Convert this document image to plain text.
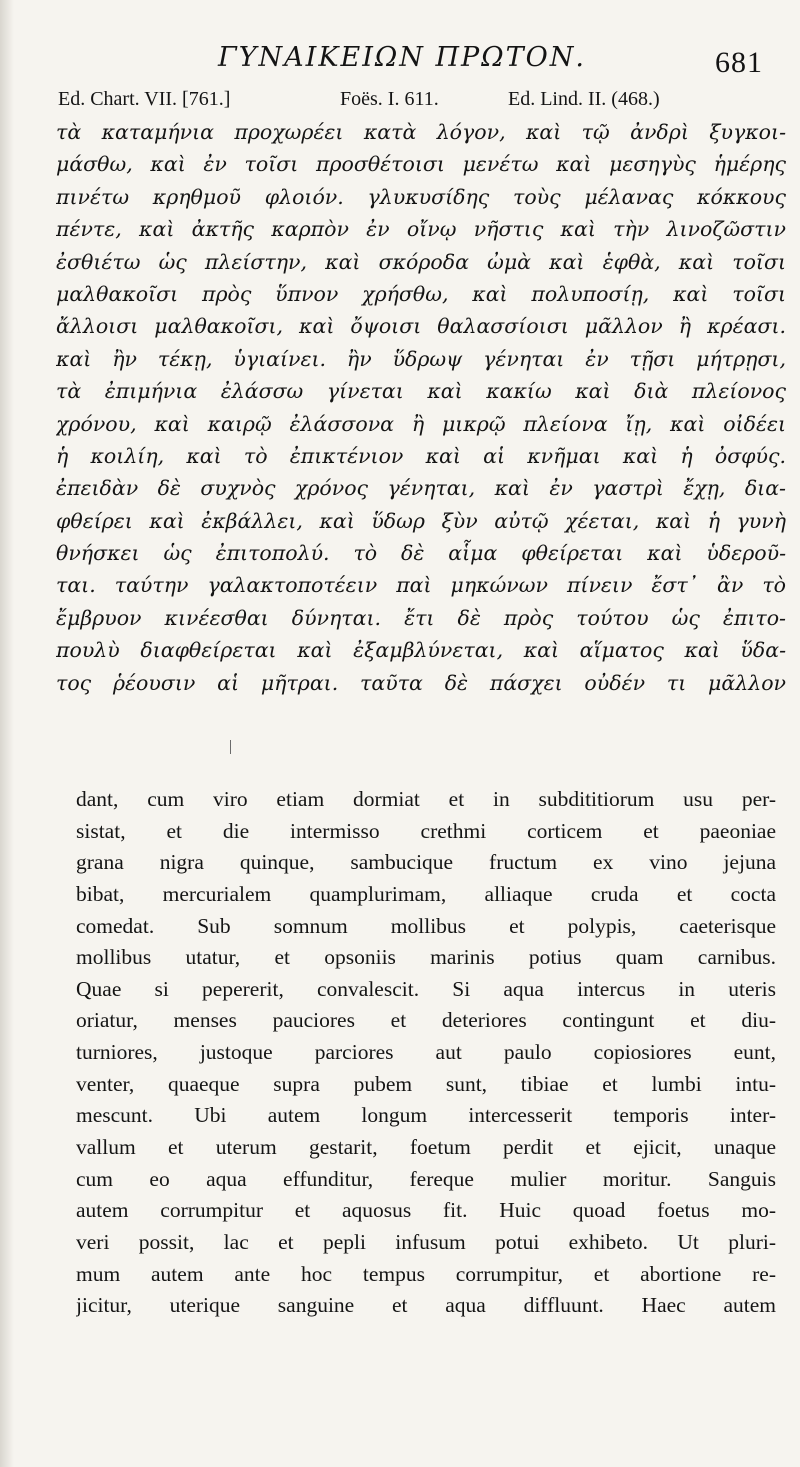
ΓΥΝΑΙΚΕΙΩΝ ΠΡΩΤΟΝ.	681
Ed. Chart. VII. [761.]	Foës. I. 611.	Ed. Lind. II. (468.)
τὰ καταμήνια προχωρέει κατὰ λόγον, καὶ τῷ ἀνδρὶ ξυγκοι-
μάσθω, καὶ ἐν τοῖσι προσθέτοισι μενέτω καὶ μεσηγὺς ἡμέρης
πινέτω κρηθμοῦ φλοιόν. γλυκυσίδης τοὺς μέλανας κόκκους
πέντε, καὶ ἀκτῆς καρπὸν ἐν οἴνῳ νῆστις καὶ τὴν λινοζῶστιν
ἐσθιέτω ὡς πλείστην, καὶ σκόροδα ὠμὰ καὶ ἑφθὰ, καὶ τοῖσι
μαλθακοῖσι πρὸς ὕπνον χρήσθω, καὶ πολυποσίῃ, καὶ τοῖσι
ἄλλοισι μαλθακοῖσι, καὶ ὄψοισι θαλασσίοισι μᾶλλον ἢ κρέασι.
καὶ ἢν τέκῃ, ὑγιαίνει. ἢν ὕδρωψ γένηται ἐν τῇσι μήτρῃσι,
τὰ ἐπιμήνια ἐλάσσω γίνεται καὶ κακίω καὶ διὰ πλείονος
χρόνου, καὶ καιρῷ ἐλάσσονα ἢ μικρῷ πλείονα ἴῃ, καὶ οἰδέει
ἡ κοιλίη, καὶ τὸ ἐπικτένιον καὶ αἱ κνῆμαι καὶ ἡ ὀσφύς.
ἐπειδὰν δὲ συχνὸς χρόνος γένηται, καὶ ἐν γαστρὶ ἔχῃ, δια-
φθείρει καὶ ἐκβάλλει, καὶ ὕδωρ ξὺν αὐτῷ χέεται, καὶ ἡ γυνὴ
θνήσκει ὡς ἐπιτοπολύ. τὸ δὲ αἷμα φθείρεται καὶ ὑδεροῦ-
ται. ταύτην γαλακτοποτέειν παὶ μηκώνων πίνειν ἔστ᾽ ἂν τὸ
ἔμβρυον κινέεσθαι δύνηται. ἔτι δὲ πρὸς τούτου ὡς ἐπιτο-
πουλὺ διαφθείρεται καὶ ἐξαμβλύνεται, καὶ αἵματος καὶ ὕδα-
τος ῥέουσιν αἱ μῆτραι. ταῦτα δὲ πάσχει οὐδέν τι μᾶλλον
dant, cum viro etiam dormiat et in subdititiorum usu per-
sistat, et die intermisso crethmi corticem et paeoniae
grana nigra quinque, sambucique fructum ex vino jejuna
bibat, mercurialem quamplurimam, alliaque cruda et cocta
comedat. Sub somnum mollibus et polypis, caeterisque
mollibus utatur, et opsoniis marinis potius quam carnibus.
Quae si pepererit, convalescit. Si aqua intercus in uteris
oriatur, menses pauciores et deteriores contingunt et diu-
turniores, justoque parciores aut paulo copiosiores eunt,
venter, quaeque supra pubem sunt, tibiae et lumbi intu-
mescunt. Ubi autem longum intercesserit temporis inter-
vallum et uterum gestarit, foetum perdit et ejicit, unaque
cum eo aqua effunditur, fereque mulier moritur. Sanguis
autem corrumpitur et aquosus fit. Huic quoad foetus mo-
veri possit, lac et pepli infusum potui exhibeto. Ut pluri-
mum autem ante hoc tempus corrumpitur, et abortione re-
jicitur, uterique sanguine et aqua diffluunt. Haec autem
